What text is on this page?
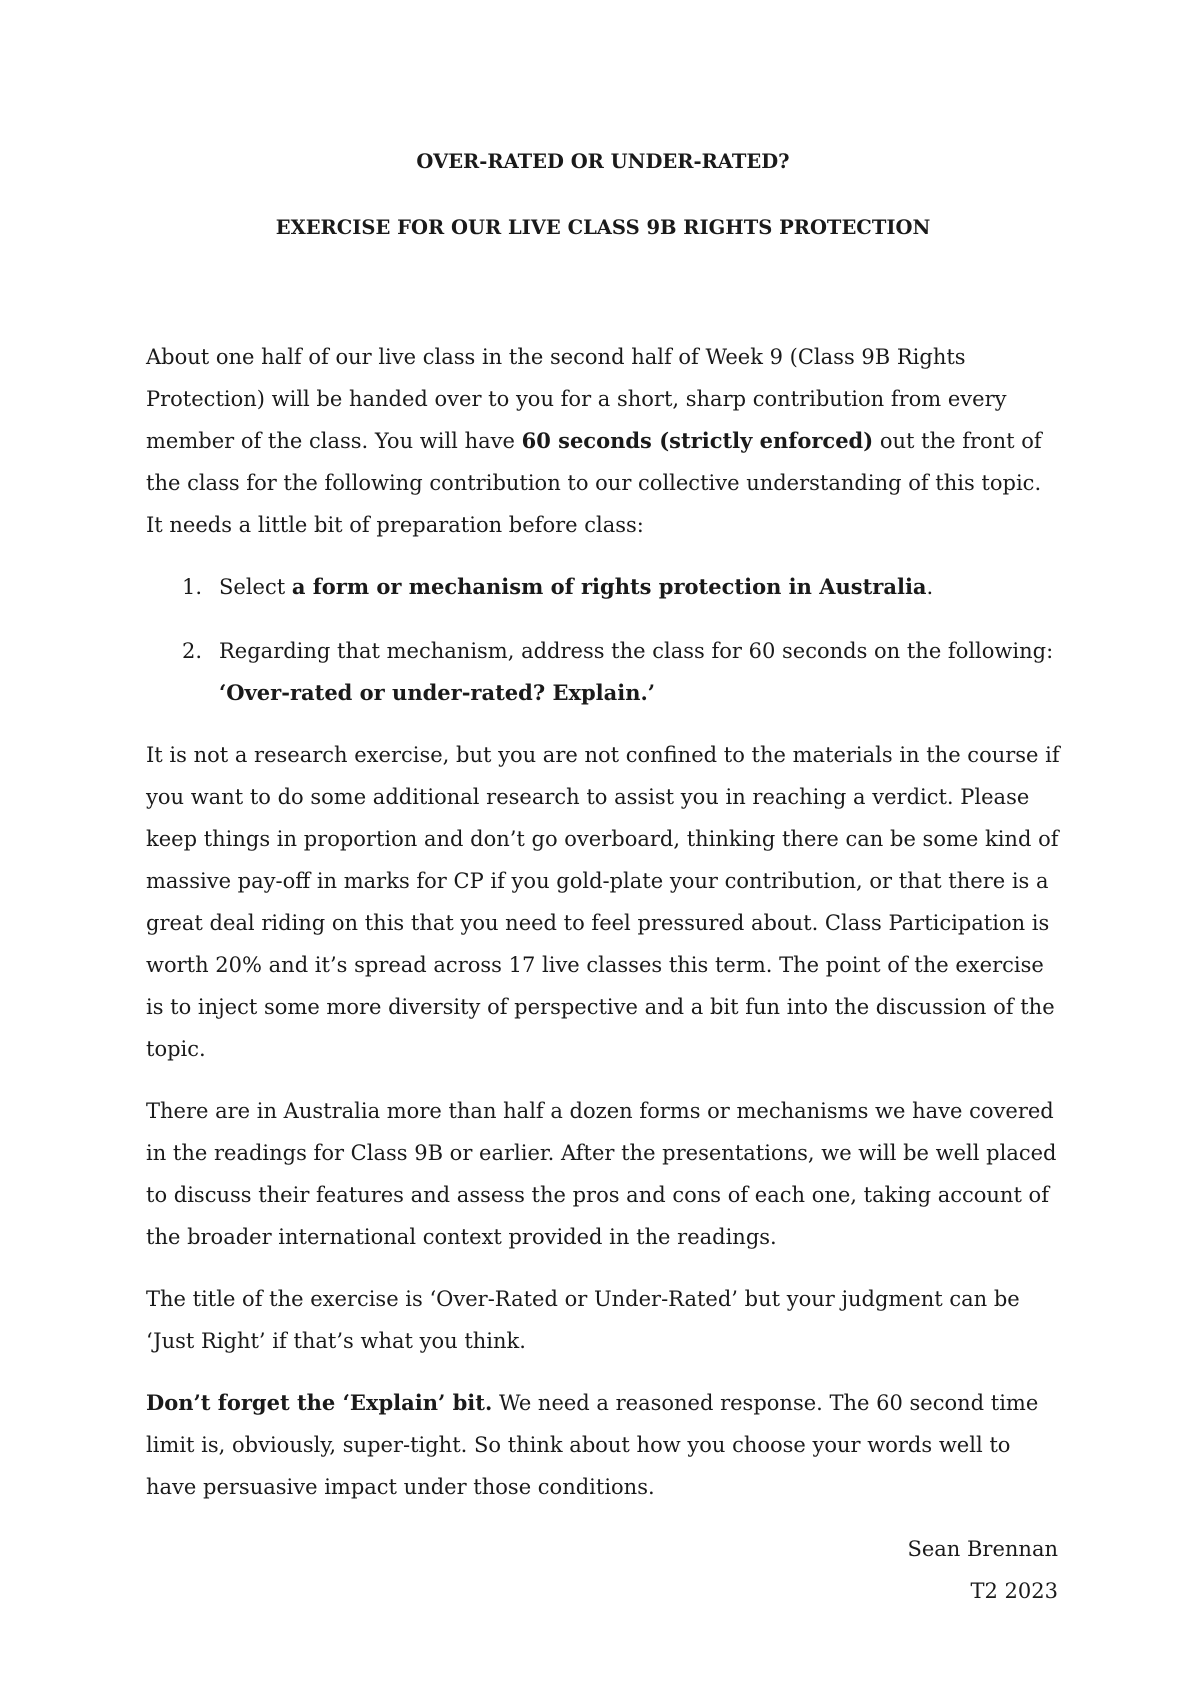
OVER-RATED OR UNDER-RATED?

EXERCISE FOR OUR LIVE CLASS 9B RIGHTS PROTECTION

About one half of our live class in the second half of Week 9 (Class 9B Rights Protection) will be handed over to you for a short, sharp contribution from every member of the class. You will have 60 seconds (strictly enforced) out the front of the class for the following contribution to our collective understanding of this topic. It needs a little bit of preparation before class:

1. Select a form or mechanism of rights protection in Australia.
2. Regarding that mechanism, address the class for 60 seconds on the following: ‘Over-rated or under-rated? Explain.’

It is not a research exercise, but you are not confined to the materials in the course if you want to do some additional research to assist you in reaching a verdict. Please keep things in proportion and don’t go overboard, thinking there can be some kind of massive pay-off in marks for CP if you gold-plate your contribution, or that there is a great deal riding on this that you need to feel pressured about. Class Participation is worth 20% and it’s spread across 17 live classes this term. The point of the exercise is to inject some more diversity of perspective and a bit fun into the discussion of the topic.

There are in Australia more than half a dozen forms or mechanisms we have covered in the readings for Class 9B or earlier. After the presentations, we will be well placed to discuss their features and assess the pros and cons of each one, taking account of the broader international context provided in the readings.

The title of the exercise is ‘Over-Rated or Under-Rated’ but your judgment can be ‘Just Right’ if that’s what you think.

Don’t forget the ‘Explain’ bit. We need a reasoned response. The 60 second time limit is, obviously, super-tight. So think about how you choose your words well to have persuasive impact under those conditions.

Sean Brennan
T2 2023
